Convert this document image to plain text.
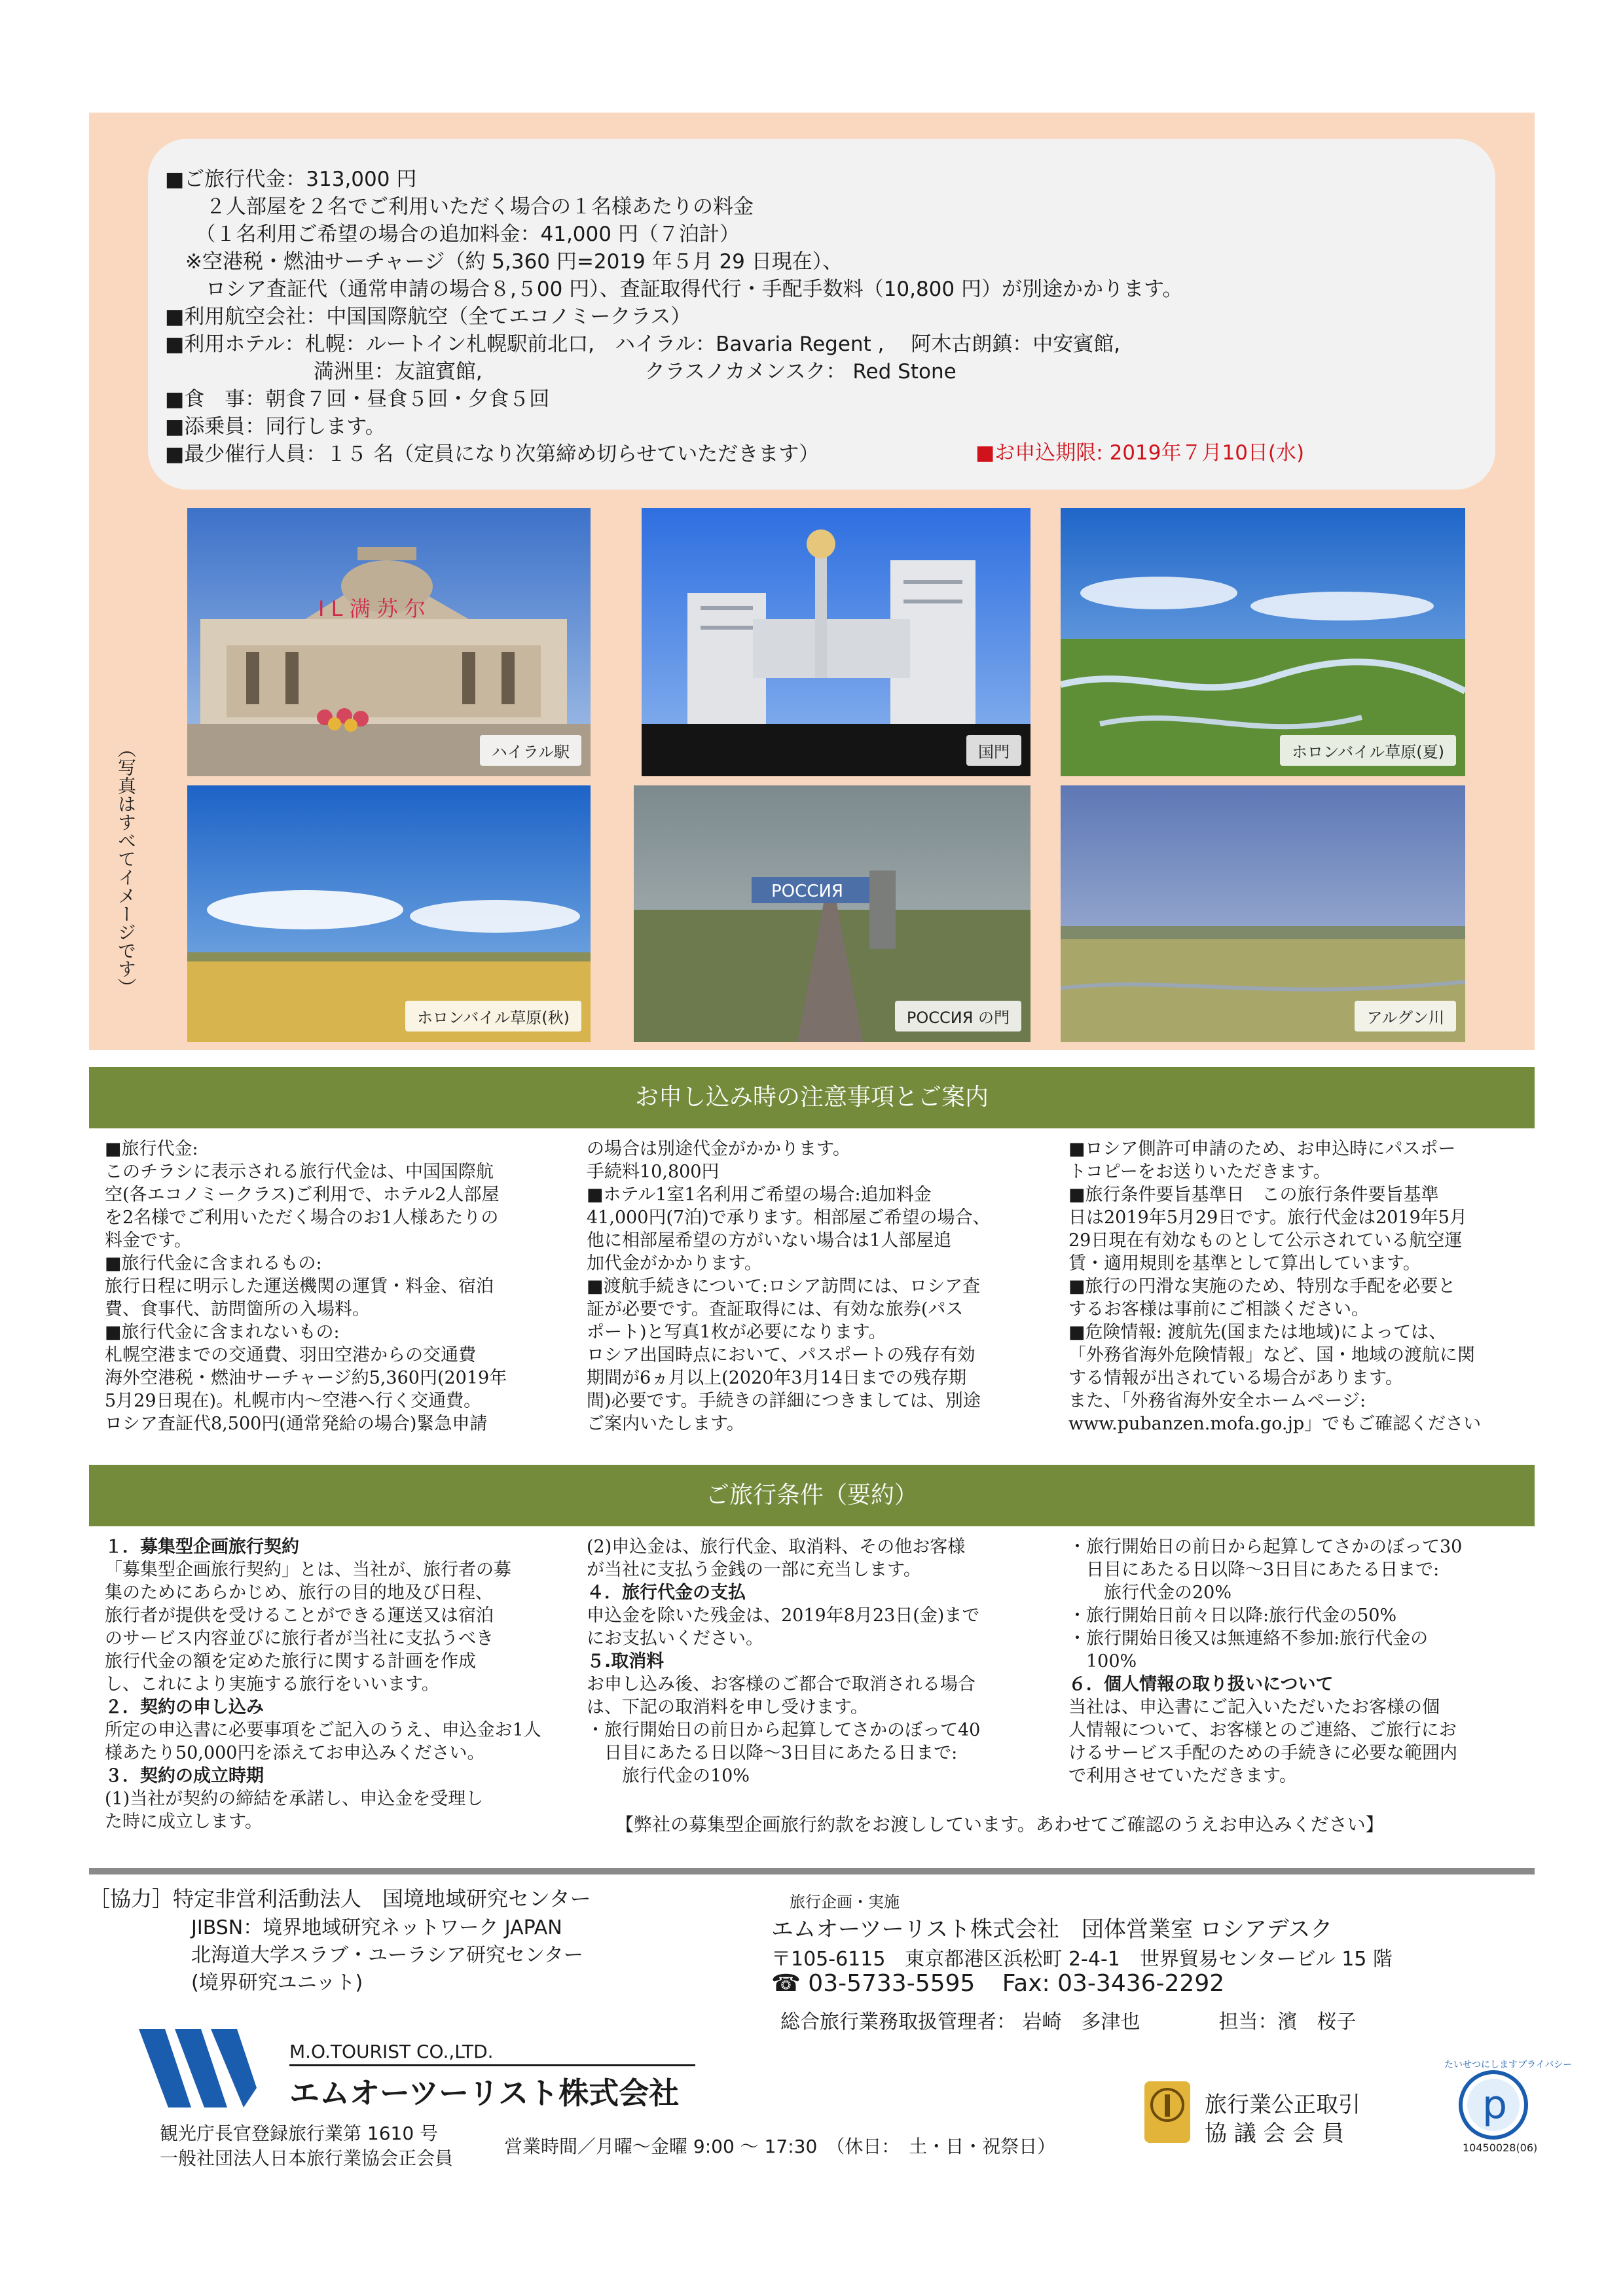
■ご旅行代金：313,000 円
　　２人部屋を２名でご利用いただく場合の１名様あたりの料金
　　（１名利用ご希望の場合の追加料金：41,000 円（７泊計）
　※空港税・燃油サーチャージ（約 5,360 円=2019 年５月 29 日現在）、
　　ロシア査証代（通常申請の場合８,５00 円）、査証取得代行・手配手数料（10,800 円）が別途かかります。
■利用航空会社：中国国際航空（全てエコノミークラス）
■利用ホテル：札幌：ルートイン札幌駅前北口,　ハイラル：Bavaria Regent ,　 阿木古朗鎮：中安賓館,
　　　　　　　 満洲里：友誼賓館,　　　　　　　　クラスノカメンスク： Red Stone
■食　事：朝食７回・昼食５回・夕食５回
■添乗員：同行します。
■最少催行人員：１５ 名（定員になり次第締め切らせていただきます）	■お申込期限: 2019年７月10日(水)
I L 满 苏 尔
ハイラル駅	国門	ホロンバイル草原(夏)
ホロンバイル草原(秋)
РОССИЯ
РОССИЯ の門	アルグン川
（写真はすべてイメージです）
お申し込み時の注意事項とご案内

■旅行代金:

このチラシに表示される旅行代金は、中国国際航

空(各エコノミークラス)ご利用で、ホテル2人部屋

を2名様でご利用いただく場合のお1人様あたりの

料金です。

■旅行代金に含まれるもの:

旅行日程に明示した運送機関の運賃・料金、宿泊

費、食事代、訪問箇所の入場料。

■旅行代金に含まれないもの:

札幌空港までの交通費、羽田空港からの交通費

海外空港税・燃油サーチャージ約5,360円(2019年

5月29日現在)。札幌市内～空港へ行く交通費。

ロシア査証代8,500円(通常発給の場合)緊急申請

の場合は別途代金がかかります。

手続料10,800円

■ホテル1室1名利用ご希望の場合:追加料金

41,000円(7泊)で承ります。相部屋ご希望の場合、

他に相部屋希望の方がいない場合は1人部屋追

加代金がかかります。

■渡航手続きについて:ロシア訪問には、ロシア査

証が必要です。査証取得には、有効な旅券(パス

ポート)と写真1枚が必要になります。

ロシア出国時点において、パスポートの残存有効

期間が6ヵ月以上(2020年3月14日までの残存期

間)必要です。手続きの詳細につきましては、別途

ご案内いたします。

■ロシア側許可申請のため、お申込時にパスポー

トコピーをお送りいただきます。

■旅行条件要旨基準日　この旅行条件要旨基準

日は2019年5月29日です。旅行代金は2019年5月

29日現在有効なものとして公示されている航空運

賃・適用規則を基準として算出しています。

■旅行の円滑な実施のため、特別な手配を必要と

するお客様は事前にご相談ください。

■危険情報: 渡航先(国または地域)によっては、

「外務省海外危険情報」など、国・地域の渡航に関

する情報が出されている場合があります。

また、「外務省海外安全ホームページ:

www.pubanzen.mofa.go.jp」でもご確認ください

ご旅行条件（要約）

１．募集型企画旅行契約

「募集型企画旅行契約」とは、当社が、旅行者の募

集のためにあらかじめ、旅行の目的地及び日程、

旅行者が提供を受けることができる運送又は宿泊

のサービス内容並びに旅行者が当社に支払うべき

旅行代金の額を定めた旅行に関する計画を作成

し、これにより実施する旅行をいいます。

２．契約の申し込み

所定の申込書に必要事項をご記入のうえ、申込金お1人

様あたり50,000円を添えてお申込みください。

３．契約の成立時期

(1)当社が契約の締結を承諾し、申込金を受理し

た時に成立します。

(2)申込金は、旅行代金、取消料、その他お客様

が当社に支払う金銭の一部に充当します。

４．旅行代金の支払

申込金を除いた残金は、2019年8月23日(金)まで

にお支払いください。

５.取消料

お申し込み後、お客様のご都合で取消される場合

は、下記の取消料を申し受けます。

・旅行開始日の前日から起算してさかのぼって40

　日目にあたる日以降～3日目にあたる日まで:

　　旅行代金の10%

・旅行開始日の前日から起算してさかのぼって30

　日目にあたる日以降～3日目にあたる日まで:

　　旅行代金の20%

・旅行開始日前々日以降:旅行代金の50%

・旅行開始日後又は無連絡不参加:旅行代金の

　100%

６．個人情報の取り扱いについて

当社は、申込書にご記入いただいたお客様の個

人情報について、お客様とのご連絡、ご旅行にお

けるサービス手配のための手続きに必要な範囲内

で利用させていただきます。

【弊社の募集型企画旅行約款をお渡ししています。あわせてご確認のうえお申込みください】
［協力］特定非営利活動法人　国境地域研究センター
JIBSN：境界地域研究ネットワーク JAPAN
北海道大学スラブ・ユーラシア研究センター
(境界研究ユニット)
旅行企画・実施
エムオーツーリスト株式会社　団体営業室 ロシアデスク
〒105-6115　東京都港区浜松町 2-4-1　世界貿易センタービル 15 階
☎ 03-5733-5595 Fax: 03-3436-2292
総合旅行業務取扱管理者： 岩崎　多津也　　　　担当：濱　桜子
M.O.TOURIST CO.,LTD.
エムオーツーリスト株式会社
観光庁長官登録旅行業第 1610 号
一般社団法人日本旅行業協会正会員
営業時間／月曜～金曜 9:00 ～ 17:30　（休日：　土・日・祝祭日）
旅行業公正取引
協 議 会 会 員
p
たいせつにしますプライバシー
10450028(06)
